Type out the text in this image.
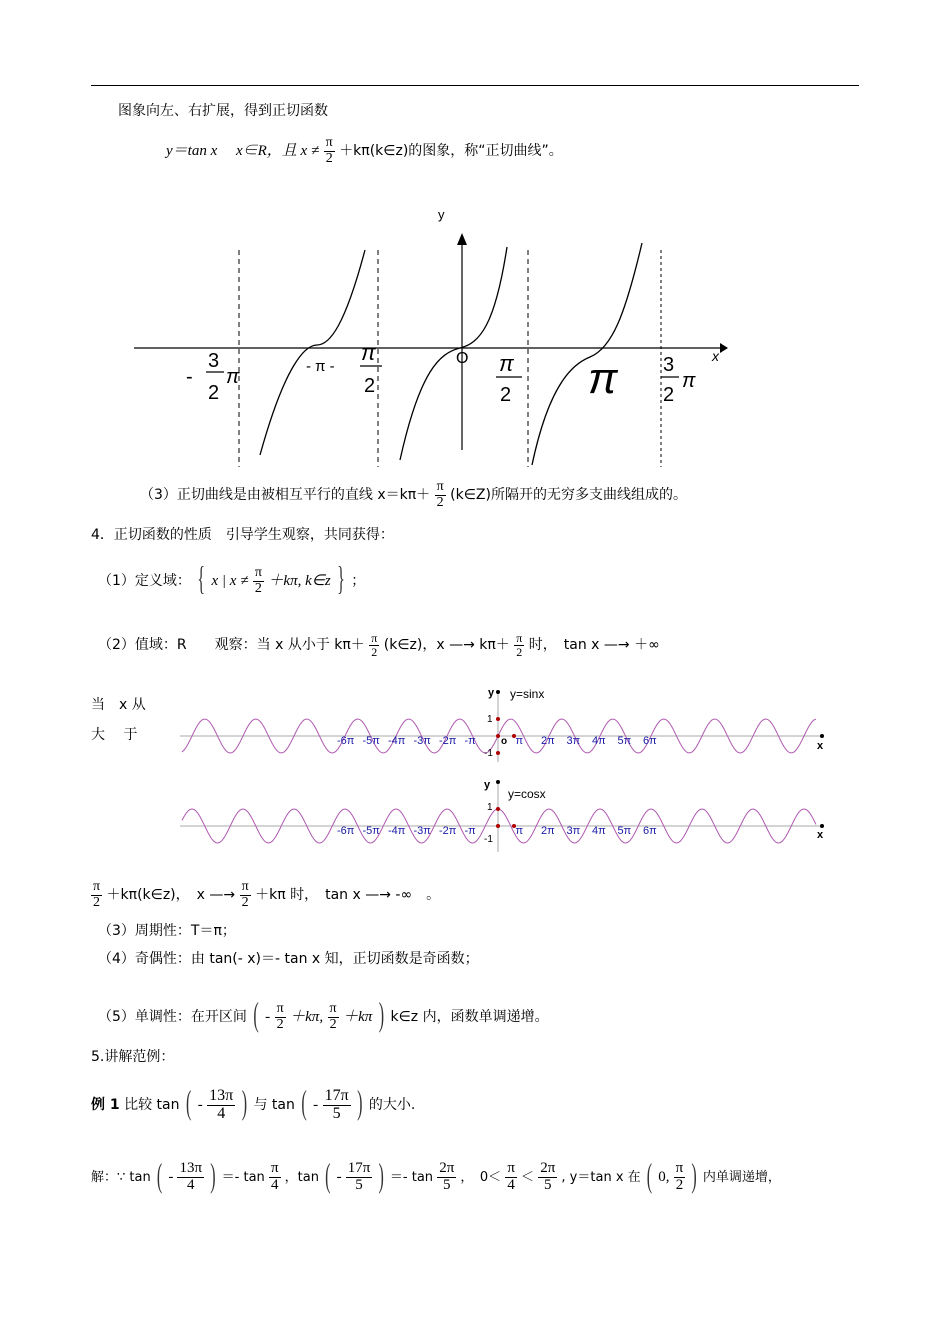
图象向左、右扩展，得到正切函数
y＝tan x　 x∈R，且 $x \ne \frac{\pi}{2}$ ＋kπ(k∈z)的图象，称“正切曲线”。
y
x
O
-
3
2
π	- π -
π
2
π
2 π 3
2
π
（3）正切曲线是由被相互平行的直线 $x=k\pi+ \frac{\pi}{2}$ (k∈Z)所隔开的无穷多支曲线组成的。
4．正切函数的性质　引导学生观察，共同获得：
（1）定义域： { x | $x \ne \frac{\pi}{2} +k\pi$, k∈z } ；
（2）值域：R　　观察：当 x 从小于 $k\pi+ \frac{\pi}{2}$ (k∈z)，x —→ $k\pi+ \frac{\pi}{2}$ 时，　tan x —→ ＋∞
当　x 从
大　 于
y y=sinx
1
-1
o	x
-6π -5π -4π -3π -2π -π	π 2π 3π 4π 5π 6π
y
y=cosx
1
-1	x
-6π -5π -4π -3π -2π -π	π 2π 3π 4π 5π 6π
$\frac{\pi}{2}$ ＋kπ(k∈z)，　x —→ $\frac{\pi}{2} +k\pi$ 时，　tan x —→ -∞　。
（3）周期性：T＝π；
（4）奇偶性：由 tan(- x)＝- tan x 知，正切函数是奇函数；
（5）单调性：在开区间 ( - $\frac{\pi}{2} +k\pi$, $\frac{\pi}{2} +k\pi$ ) k∈z 内，函数单调递增。
5.讲解范例：
例 1 比较 tan ( - $\frac{13\pi}{4}$ ) 与 tan ( - $\frac{17\pi}{5}$ ) 的大小.
解：∵ tan ( - $\frac{13\pi}{4}$ ) ＝- $\tan \frac{\pi}{4}$ ，tan ( - $\frac{17\pi}{5}$ ) ＝- $\tan \frac{2\pi}{5}$ ，　$0< \frac{\pi}{4} < \frac{2\pi}{5}$ , y＝tan x 在 ( 0, $\frac{\pi}{2}$ ) 内单调递增，
